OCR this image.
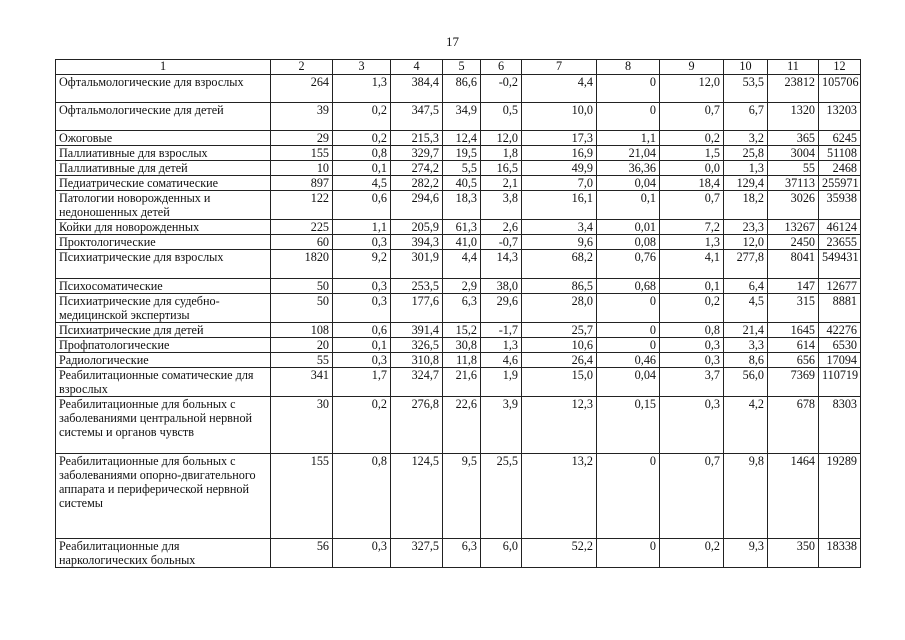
17
1	2	3	4	5	6	7	8	9	10	11	12
Офтальмологические для взрослых	264	1,3	384,4	86,6	-0,2	4,4	0	12,0	53,5	23812	105706
Офтальмологические для детей	39	0,2	347,5	34,9	0,5	10,0	0	0,7	6,7	1320	13203
Ожоговые	29	0,2	215,3	12,4	12,0	17,3	1,1	0,2	3,2	365	6245
Паллиативные для взрослых	155	0,8	329,7	19,5	1,8	16,9	21,04	1,5	25,8	3004	51108
Паллиативные для детей	10	0,1	274,2	5,5	16,5	49,9	36,36	0,0	1,3	55	2468
Педиатрические соматические	897	4,5	282,2	40,5	2,1	7,0	0,04	18,4	129,4	37113	255971
Патологии новорожденных и недоношенных детей	122	0,6	294,6	18,3	3,8	16,1	0,1	0,7	18,2	3026	35938
Койки для новорожденных	225	1,1	205,9	61,3	2,6	3,4	0,01	7,2	23,3	13267	46124
Проктологические	60	0,3	394,3	41,0	-0,7	9,6	0,08	1,3	12,0	2450	23655
Психиатрические для взрослых	1820	9,2	301,9	4,4	14,3	68,2	0,76	4,1	277,8	8041	549431
Психосоматические	50	0,3	253,5	2,9	38,0	86,5	0,68	0,1	6,4	147	12677
Психиатрические для судебно-медицинской экспертизы	50	0,3	177,6	6,3	29,6	28,0	0	0,2	4,5	315	8881
Психиатрические для детей	108	0,6	391,4	15,2	-1,7	25,7	0	0,8	21,4	1645	42276
Профпатологические	20	0,1	326,5	30,8	1,3	10,6	0	0,3	3,3	614	6530
Радиологические	55	0,3	310,8	11,8	4,6	26,4	0,46	0,3	8,6	656	17094
Реабилитационные соматические для взрослых	341	1,7	324,7	21,6	1,9	15,0	0,04	3,7	56,0	7369	110719
Реабилитационные для больных с заболеваниями центральной нервной системы и органов чувств	30	0,2	276,8	22,6	3,9	12,3	0,15	0,3	4,2	678	8303
Реабилитационные для больных с заболеваниями опорно-двигательного аппарата и периферической нервной системы	155	0,8	124,5	9,5	25,5	13,2	0	0,7	9,8	1464	19289
Реабилитационные для наркологических больных	56	0,3	327,5	6,3	6,0	52,2	0	0,2	9,3	350	18338
